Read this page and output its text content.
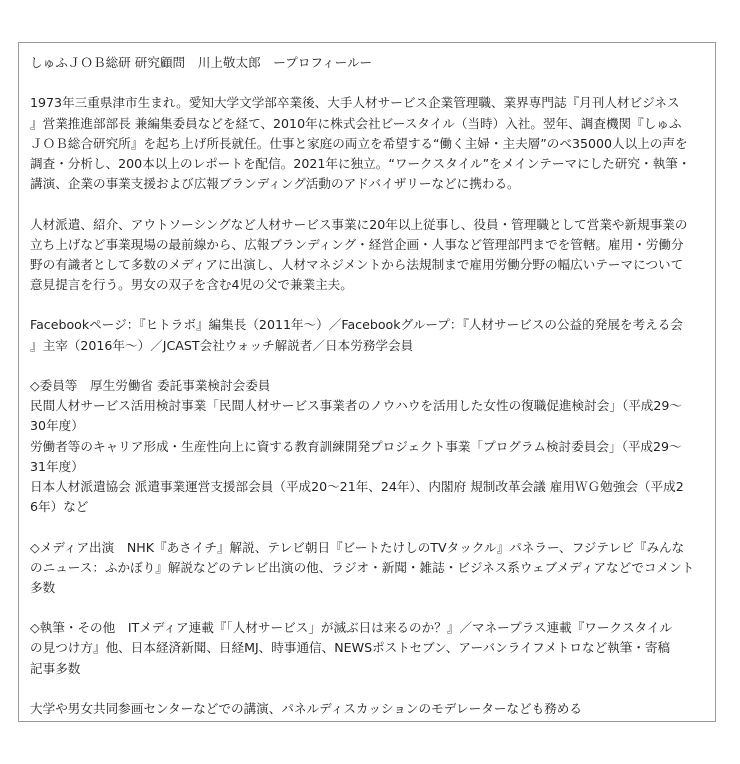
しゅふＪＯＢ総研 研究顧問　川上敬太郎　ープロフィールー
1973年三重県津市生まれ。愛知大学文学部卒業後、大手人材サービス企業管理職、業界専門誌『月刊人材ビジネス
』営業推進部部長 兼編集委員などを経て、2010年に株式会社ビースタイル（当時）入社。翌年、調査機関『しゅふ
ＪＯＢ総合研究所』を起ち上げ所長就任。仕事と家庭の両立を希望する“働く主婦・主夫層”のべ35000人以上の声を
調査・分析し、200本以上のレポートを配信。2021年に独立。“ワークスタイル”をメインテーマにした研究・執筆・
講演、企業の事業支援および広報ブランディング活動のアドバイザリーなどに携わる。
人材派遣、紹介、アウトソーシングなど人材サービス事業に20年以上従事し、役員・管理職として営業や新規事業の
立ち上げなど事業現場の最前線から、広報ブランディング・経営企画・人事など管理部門までを管轄。雇用・労働分
野の有識者として多数のメディアに出演し、人材マネジメントから法規制まで雇用労働分野の幅広いテーマについて
意見提言を行う。男女の双子を含む4児の父で兼業主夫。
Facebookページ：『ヒトラボ』編集長（2011年～）／Facebookグループ：『人材サービスの公益的発展を考える会
』主宰（2016年～）／JCAST会社ウォッチ解説者／日本労務学会員
◇委員等　厚生労働省 委託事業検討会委員
民間人材サービス活用検討事業「民間人材サービス事業者のノウハウを活用した女性の復職促進検討会」（平成29～
30年度）
労働者等のキャリア形成・生産性向上に資する教育訓練開発プロジェクト事業「プログラム検討委員会」（平成29～
31年度）
日本人材派遣協会 派遣事業運営支援部会員（平成20～21年、24年）、内閣府 規制改革会議 雇用ＷＧ勉強会（平成2
6年）など
◇メディア出演　NHK『あさイチ』解説、テレビ朝日『ビートたけしのTVタックル』パネラー、フジテレビ『みんな
のニュース：ふかぼり』解説などのテレビ出演の他、ラジオ・新聞・雑誌・ビジネス系ウェブメディアなどでコメント
多数
◇執筆・その他　ITメディア連載『「人材サービス」が滅ぶ日は来るのか？』／マネープラス連載『ワークスタイル
の見つけ方』他、日本経済新聞、日経MJ、時事通信、NEWSポストセブン、アーバンライフメトロなど執筆・寄稿
記事多数
大学や男女共同参画センターなどでの講演、パネルディスカッションのモデレーターなども務める
